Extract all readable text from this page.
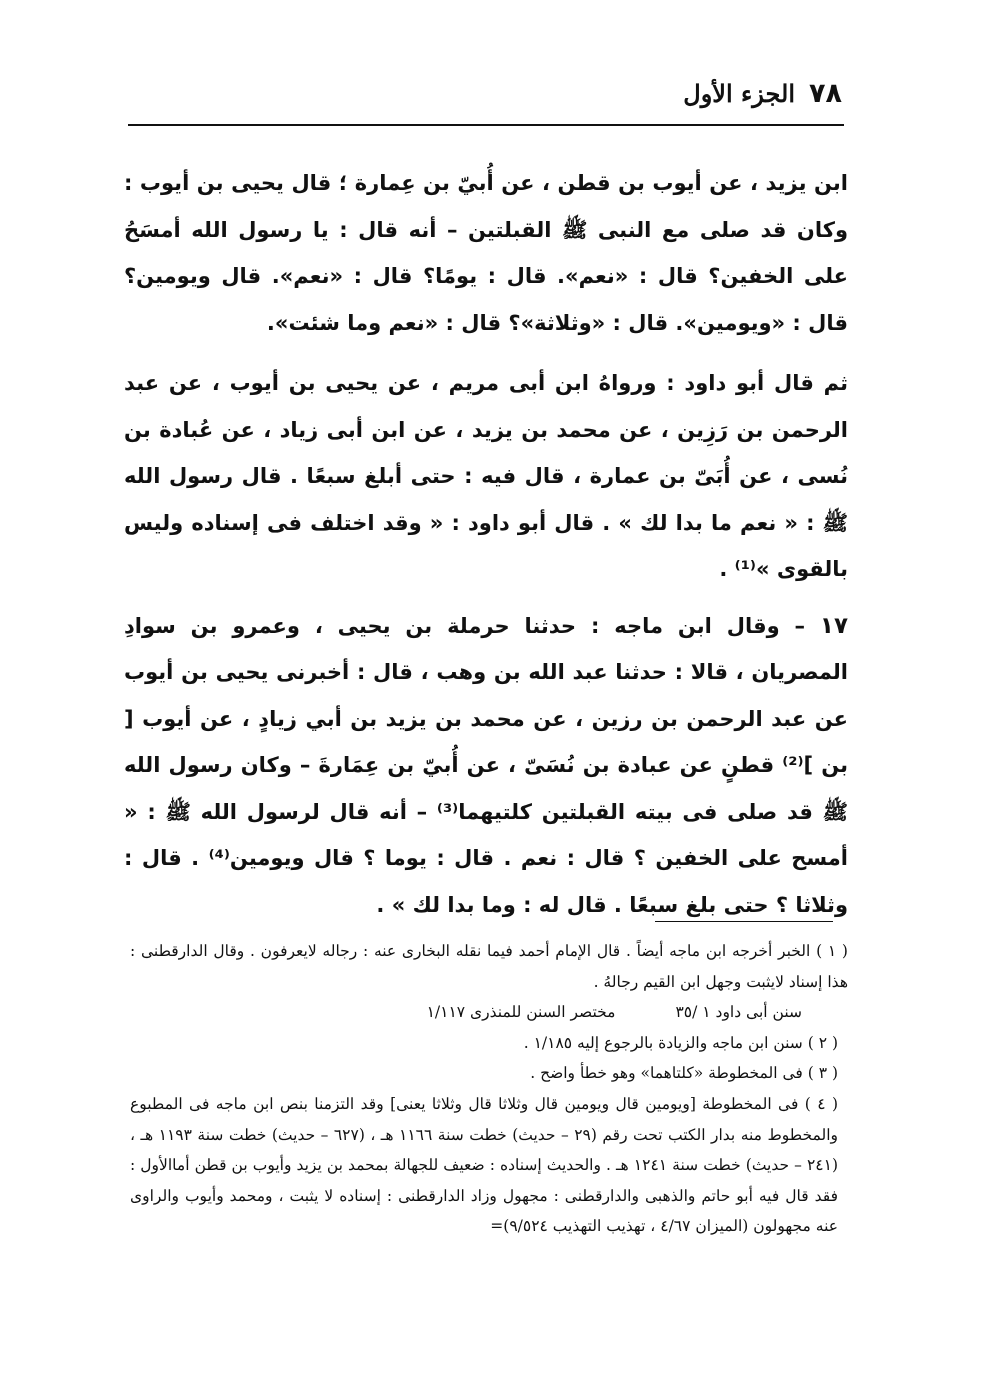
٧٨
الجزء الأول

ابن يزيد ، عن أيوب بن قطن ، عن أُبيّ بن عِمارة ؛ قال يحيى بن أيوب : وكان قد صلى مع النبى ﷺ القبلتين – أنه قال : يا رسول الله أمسَحُ على الخفين؟ قال : «نعم». قال : يومًا؟ قال : «نعم». قال ويومين؟ قال : «ويومين». قال : «وثلاثة»؟ قال : «نعم وما شئت».

ثم قال أبو داود : ورواهُ ابن أبى مريم ، عن يحيى بن أيوب ، عن عبد الرحمن بن رَزِين ، عن محمد بن يزيد ، عن ابن أبى زياد ، عن عُبادة بن نُسى ، عن أُبَىّ بن عمارة ، قال فيه : حتى أبلغ سبعًا . قال رسول الله ﷺ : « نعم ما بدا لك » . قال أبو داود : « وقد اختلف فى إسناده وليس بالقوى »⁽¹⁾ .

١٧ – وقال ابن ماجه : حدثنا حرملة بن يحيى ، وعمرو بن سوادِ المصريان ، قالا : حدثنا عبد الله بن وهب ، قال : أخبرنى يحيى بن أيوب عن عبد الرحمن بن رزين ، عن محمد بن يزيد بن أبي زيادٍ ، عن أيوب [ بن ]⁽²⁾ قطنٍ عن عبادة بن نُسَىّ ، عن أُبيّ بن عِمَارةَ – وكان رسول الله ﷺ قد صلى فى بيته القبلتين كلتيهما⁽³⁾ – أنه قال لرسول الله ﷺ : « أمسح على الخفين ؟ قال : نعم . قال : يوما ؟ قال ويومين⁽⁴⁾ . قال : وثلاثا ؟ حتى بلغ سبعًا . قال له : وما بدا لك » .

( ١ ) الخبر أخرجه ابن ماجه أيضاً . قال الإمام أحمد فيما نقله البخارى عنه : رجاله لايعرفون . وقال الدارقطنى : هذا إسناد لايثبت وجهل ابن القيم رجالهُ .

سنن أبى داود ١ /٣٥
مختصر السنن للمنذرى ١/١١٧

( ٢ ) سنن ابن ماجه والزيادة بالرجوع إليه ١/١٨٥ .

( ٣ ) فى المخطوطة «كلتاهما» وهو خطأ واضح .

( ٤ ) فى المخطوطة [ويومين قال ويومين قال وثلاثا قال وثلاثا يعنى] وقد التزمنا بنص ابن ماجه فى المطبوع والمخطوط منه بدار الكتب تحت رقم (٢٩ – حديث) خطت سنة ١١٦٦ هـ ، (٦٢٧ – حديث) خطت سنة ١١٩٣ هـ ، (٢٤١ – حديث) خطت سنة ١٢٤١ هـ . والحديث إسناده : ضعيف للجهالة بمحمد بن يزيد وأيوب بن قطن أماالأول : فقد قال فيه أبو حاتم والذهبى والدارقطنى : مجهول وزاد الدارقطنى : إسناده لا يثبت ، ومحمد وأيوب والراوى عنه مجهولون (الميزان ٤/٦٧ ، تهذيب التهذيب ٩/٥٢٤)=
